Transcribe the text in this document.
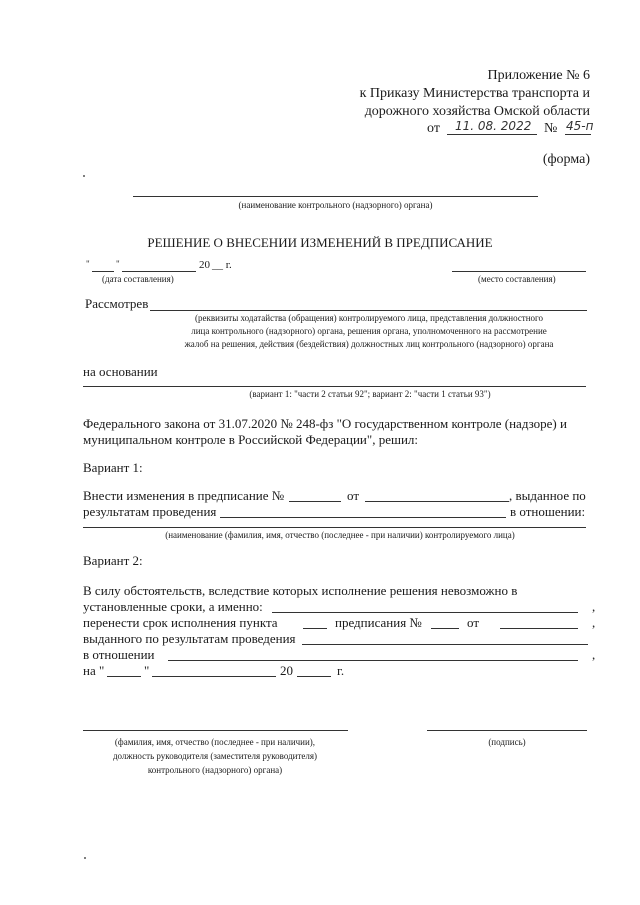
Приложение № 6
к Приказу Министерства транспорта и
дорожного хозяйства Омской области
от 11. 08. 2022 № 45-п
(форма)
(наименование контрольного (надзорного) органа)
РЕШЕНИЕ О ВНЕСЕНИИ ИЗМЕНЕНИЙ В ПРЕДПИСАНИЕ
"	"	20 __ г.
(дата составления)	(место составления)
Рассмотрев
(реквизиты ходатайства (обращения) контролируемого лица, представления должностного
лица контрольного (надзорного) органа, решения органа, уполномоченного на рассмотрение
жалоб на решения, действия (бездействия) должностных лиц контрольного (надзорного) органа
на основании
(вариант 1: "части 2 статьи 92"; вариант 2: "части 1 статьи 93")
Федерального закона от 31.07.2020 № 248-фз "О государственном контроле (надзоре) и
муниципальном контроле в Российской Федерации", решил:
Вариант 1:
Внести изменения в предписание №	от	, выданное по
результатам проведения	в отношении:
(наименование (фамилия, имя, отчество (последнее - при наличии) контролируемого лица)
Вариант 2:
В силу обстоятельств, вследствие которых исполнение решения невозможно в
установленные сроки, а именно:	,
перенести срок исполнения пункта	предписания №	от	,
выданного по результатам проведения
в отношении	,
на "	"	20	г.
(фамилия, имя, отчество (последнее - при наличии),
должность руководителя (заместителя руководителя)
контрольного (надзорного) органа)
(подпись)
